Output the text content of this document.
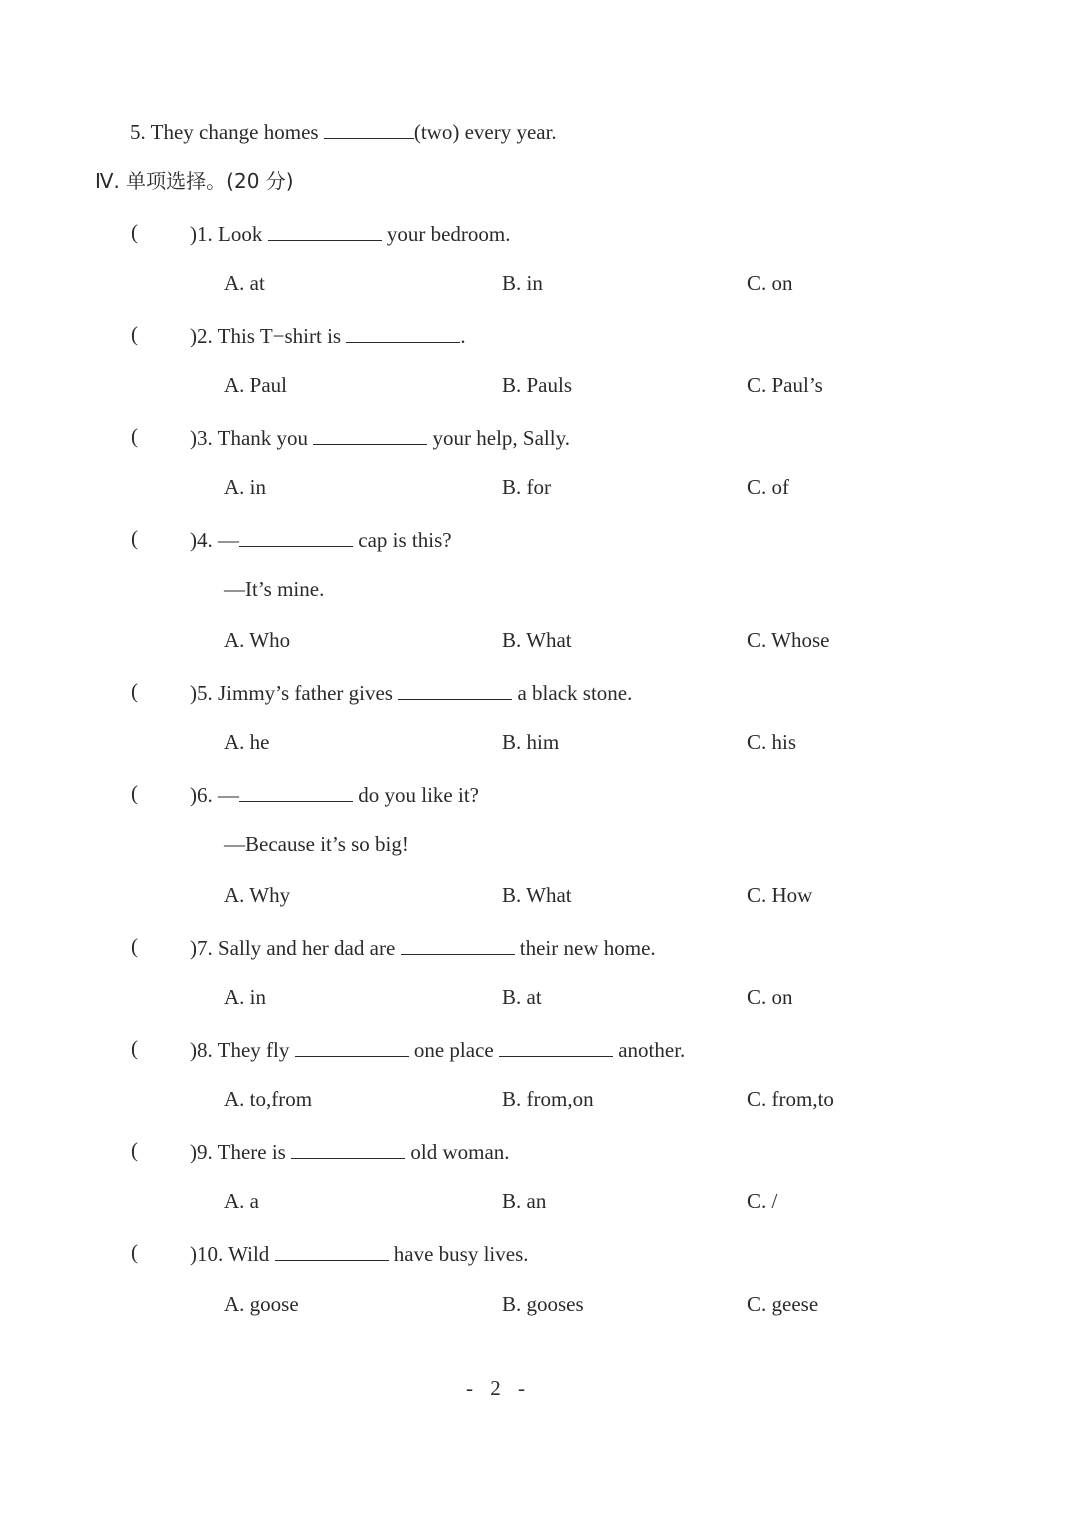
5. They change homes	(two) every year.
Ⅳ. 单项选择。(20 分)
( )1. Look	your bedroom.
A. at	B. in	C. on
( )2. This T−shirt is	.
A. Paul	B. Pauls	C. Paul’s
( )3. Thank you	your help, Sally.
A. in	B. for	C. of
( )4. —	cap is this?
—It’s mine.
A. Who	B. What	C. Whose
( )5. Jimmy’s father gives	a black stone.
A. he	B. him	C. his
( )6. —	do you like it?
—Because it’s so big!
A. Why	B. What	C. How
( )7. Sally and her dad are	their new home.
A. in	B. at	C. on
( )8. They fly	one place	another.
A. to,from	B. from,on	C. from,to
( )9. There is	old woman.
A. a	B. an	C. /
( )10. Wild	have busy lives.
A. goose	B. gooses	C. geese
- 2 -
